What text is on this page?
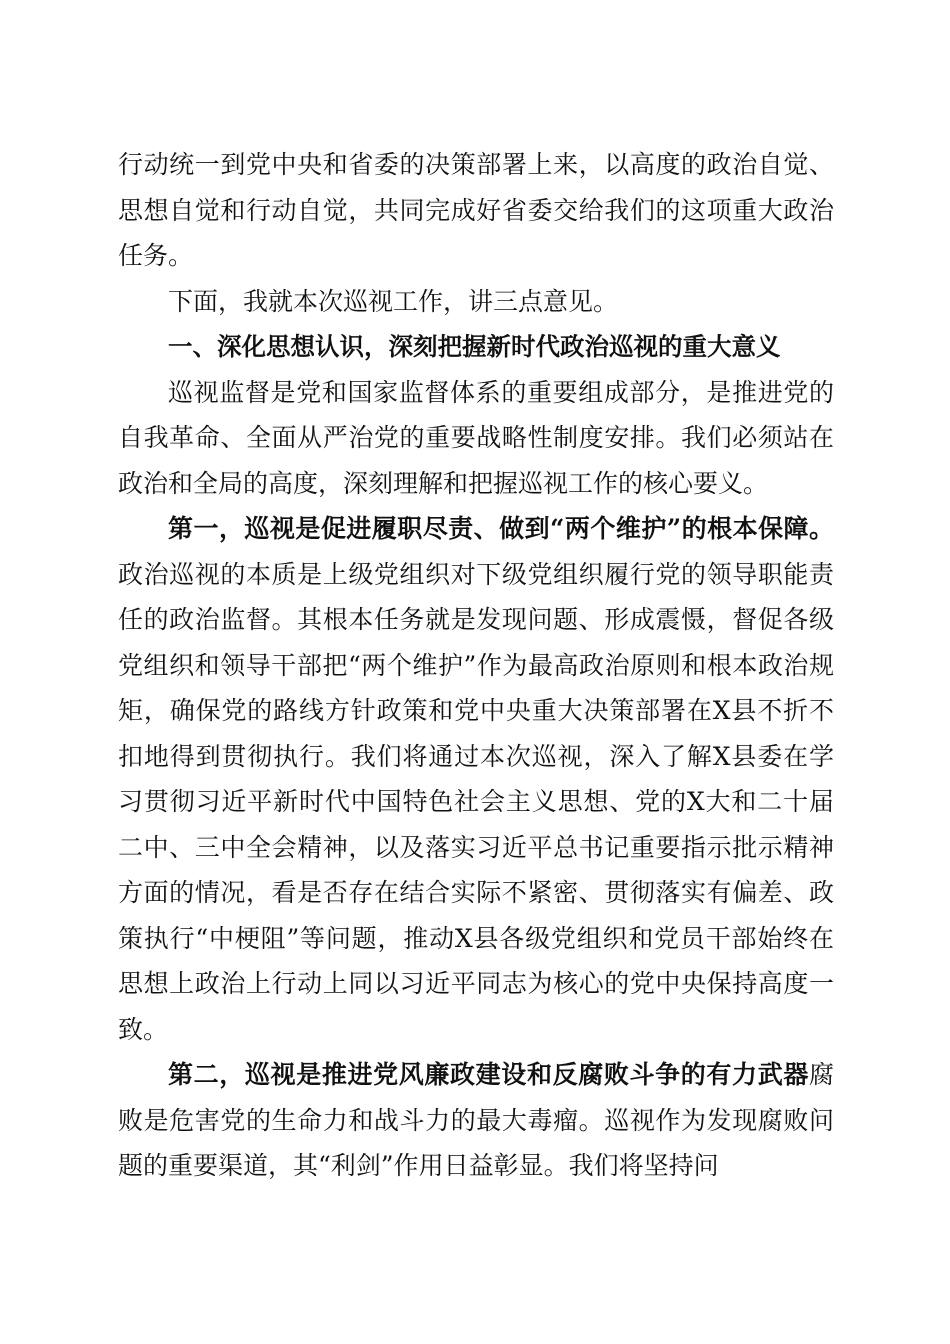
行动统一到党中央和省委的决策部署上来，以高度的政治自觉、思想自觉和行动自觉，共同完成好省委交给我们的这项重大政治任务。

下面，我就本次巡视工作，讲三点意见。

一、深化思想认识，深刻把握新时代政治巡视的重大意义

巡视监督是党和国家监督体系的重要组成部分，是推进党的自我革命、全面从严治党的重要战略性制度安排。我们必须站在政治和全局的高度，深刻理解和把握巡视工作的核心要义。

第一，巡视是促进履职尽责、做到“两个维护”的根本保障。政治巡视的本质是上级党组织对下级党组织履行党的领导职能责任的政治监督。其根本任务就是发现问题、形成震慑，督促各级党组织和领导干部把“两个维护”作为最高政治原则和根本政治规矩，确保党的路线方针政策和党中央重大决策部署在X县不折不扣地得到贯彻执行。我们将通过本次巡视，深入了解X县委在学习贯彻习近平新时代中国特色社会主义思想、党的X大和二十届二中、三中全会精神，以及落实习近平总书记重要指示批示精神方面的情况，看是否存在结合实际不紧密、贯彻落实有偏差、政策执行“中梗阻”等问题，推动X县各级党组织和党员干部始终在思想上政治上行动上同以习近平同志为核心的党中央保持高度一致。

第二，巡视是推进党风廉政建设和反腐败斗争的有力武器腐败是危害党的生命力和战斗力的最大毒瘤。巡视作为发现腐败问题的重要渠道，其“利剑”作用日益彰显。我们将坚持问
